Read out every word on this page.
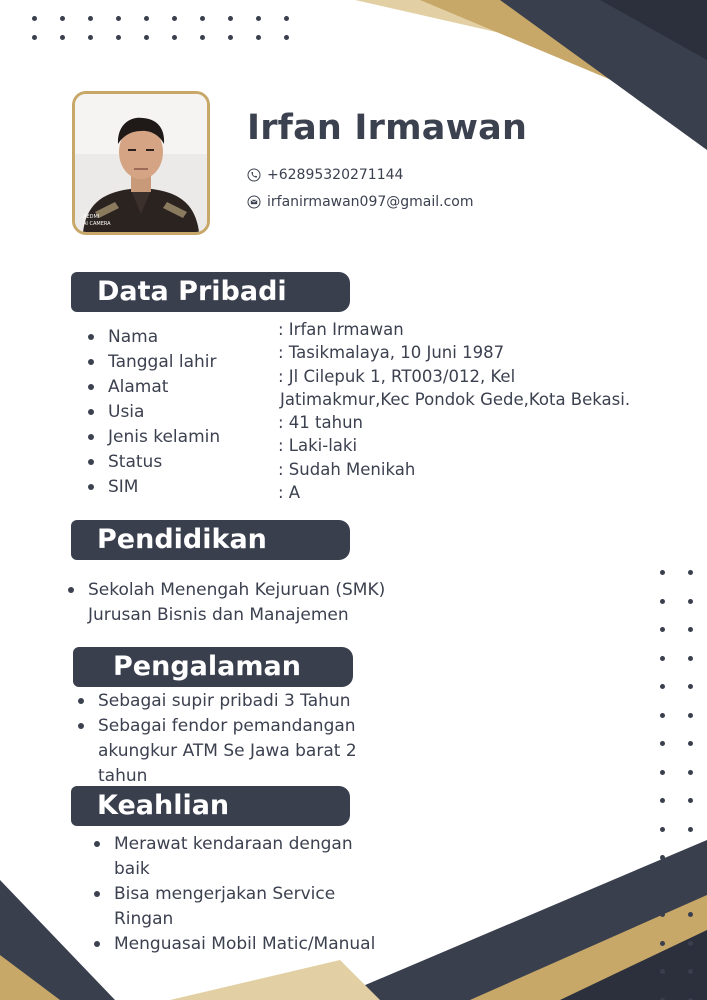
REDMI
AI CAMERA
Irfan Irmawan
+62895320271144
irfanirmawan097@gmail.com
Data Pribadi
Nama
Tanggal lahir
Alamat
Usia
Jenis kelamin
Status
SIM
: Irfan Irmawan
: Tasikmalaya, 10 Juni 1987
: Jl Cilepuk 1, RT003/012, Kel
Jatimakmur,Kec Pondok Gede,Kota Bekasi.
: 41 tahun
: Laki-laki
: Sudah Menikah
: A
Pendidikan
Sekolah Menengah Kejuruan (SMK)
Jurusan Bisnis dan Manajemen
Pengalaman
Sebagai supir pribadi 3 Tahun
Sebagai fendor pemandangan
akungkur ATM Se Jawa barat 2
tahun
Keahlian
Merawat kendaraan dengan
baik
Bisa mengerjakan Service
Ringan
Menguasai Mobil Matic/Manual
